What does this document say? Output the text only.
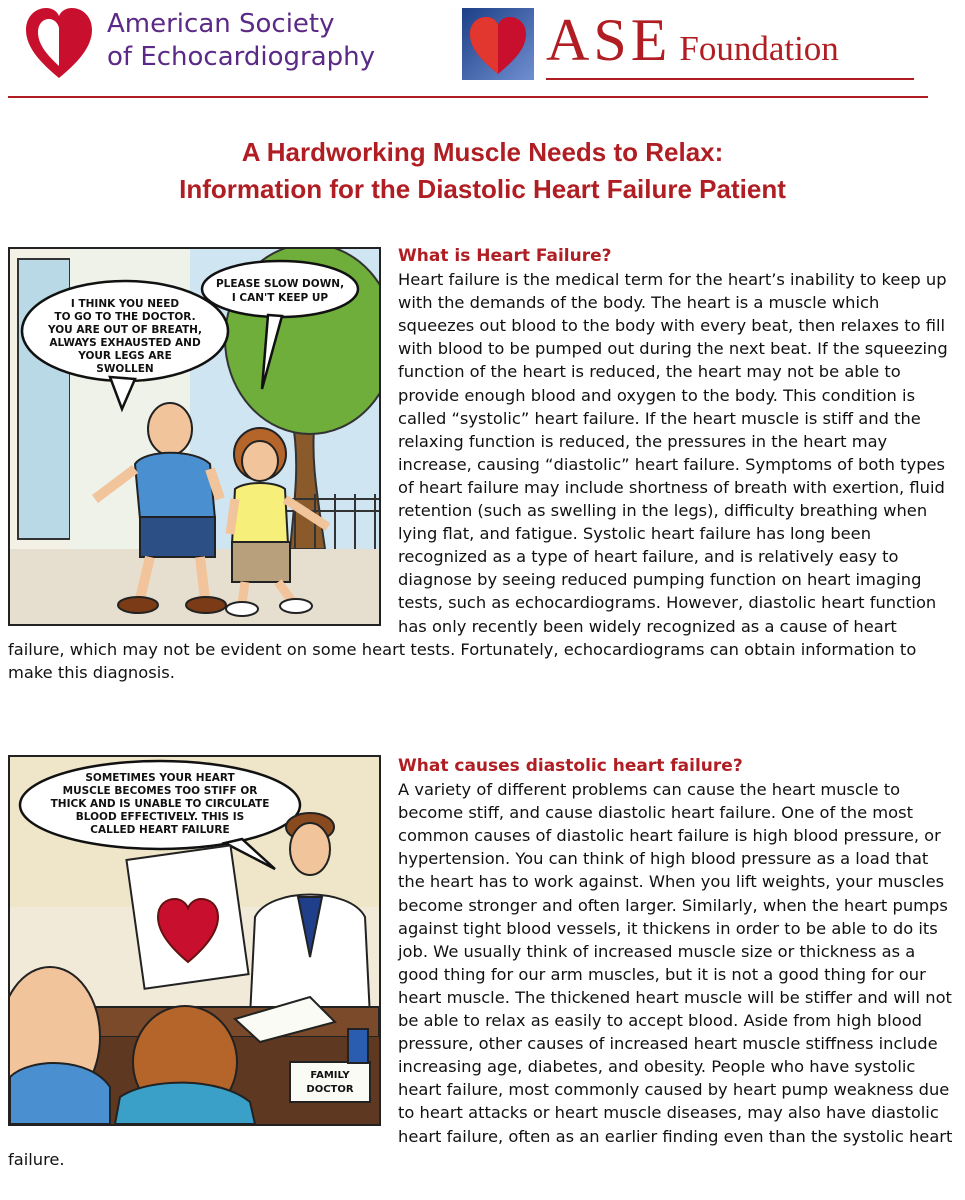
American Society
of Echocardiography	ASE Foundation
A Hardworking Muscle Needs to Relax:
Information for the Diastolic Heart Failure Patient
I THINK YOU NEED
TO GO TO THE DOCTOR.
YOU ARE OUT OF BREATH,
ALWAYS EXHAUSTED AND
YOUR LEGS ARE
SWOLLEN
PLEASE SLOW DOWN,
I CAN'T KEEP UP

What is Heart Failure?

Heart failure is the medical term for the heart’s inability to keep up with the demands of the body. The heart is a muscle which squeezes out blood to the body with every beat, then relaxes to fill with blood to be pumped out during the next beat. If the squeezing function of the heart is reduced, the heart may not be able to provide enough blood and oxygen to the body. This condition is called “systolic” heart failure. If the heart muscle is stiff and the relaxing function is reduced, the pressures in the heart may increase, causing “diastolic” heart failure. Symptoms of both types of heart failure may include shortness of breath with exertion, fluid retention (such as swelling in the legs), difficulty breathing when lying flat, and fatigue. Systolic heart failure has long been recognized as a type of heart failure, and is relatively easy to diagnose by seeing reduced pumping function on heart imaging tests, such as echocardiograms. However, diastolic heart function has only recently been widely recognized as a cause of heart failure, which may not be evident on some heart tests. Fortunately, echocardiograms can obtain information to make this diagnosis.

SOMETIMES YOUR HEART
MUSCLE BECOMES TOO STIFF OR
THICK AND IS UNABLE TO CIRCULATE
BLOOD EFFECTIVELY. THIS IS
CALLED HEART FAILURE
FAMILY
DOCTOR

What causes diastolic heart failure?

A variety of different problems can cause the heart muscle to become stiff, and cause diastolic heart failure. One of the most common causes of diastolic heart failure is high blood pressure, or hypertension. You can think of high blood pressure as a load that the heart has to work against. When you lift weights, your muscles become stronger and often larger. Similarly, when the heart pumps against tight blood vessels, it thickens in order to be able to do its job. We usually think of increased muscle size or thickness as a good thing for our arm muscles, but it is not a good thing for our heart muscle. The thickened heart muscle will be stiffer and will not be able to relax as easily to accept blood. Aside from high blood pressure, other causes of increased heart muscle stiffness include increasing age, diabetes, and obesity. People who have systolic heart failure, most commonly caused by heart pump weakness due to heart attacks or heart muscle diseases, may also have diastolic heart failure, often as an earlier finding even than the systolic heart failure.
